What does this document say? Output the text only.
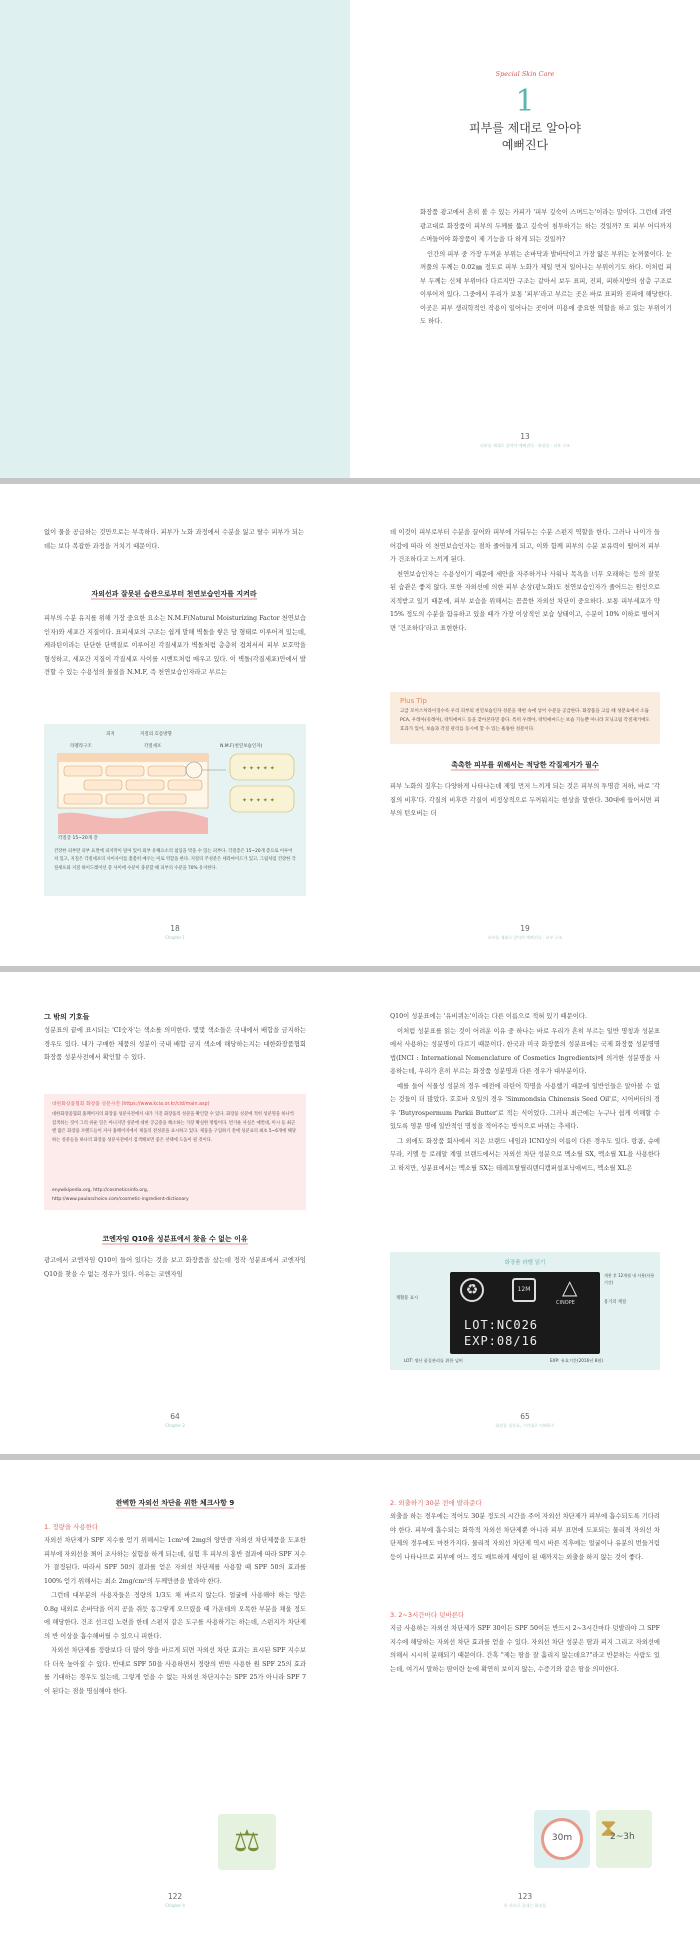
Special Skin Care
1
피부를 제대로 알아야
예뻐진다

화장품 광고에서 흔히 볼 수 있는 카피가 '피부 깊숙이 스며드는'이라는 말이다. 그런데 과연 광고대로 화장품이 피부의 두께를 뚫고 깊숙이 침투하기는 하는 것일까? 또 피부 어디까지 스며들어야 화장품이 제 기능을 다 하게 되는 것일까?

인간의 피부 중 가장 두꺼운 부위는 손바닥과 발바닥이고 가장 얇은 부위는 눈꺼풀이다. 눈꺼풀의 두께는 0.02㎜ 정도로 피부 노화가 제일 먼저 일어나는 부위이기도 하다. 이처럼 피부 두께는 신체 부위마다 다르지만 구조는 같아서 보두 표피, 진피, 피하지방의 삼층 구조로 이루어져 있다. 그중에서 우리가 보통 '피부'라고 부르는 곳은 바로 표피와 진피에 해당한다. 이곳은 피부 생리학적인 작용이 일어나는 곳이며 미용에 중요한 역할을 하고 있는 부위이기도 하다.

13
피부를 제대로 알아야 예뻐진다 · 화장품 · 피부 구조
없이 물을 공급하는 것만으로는 부족하다. 피부가 노화 과정에서 수분을 잃고 탈수 피부가 되는 데는 보다 복잡한 과정을 거치기 때문이다.
자외선과 잘못된 습관으로부터 천연보습인자를 지켜라
피부의 수분 유지를 위해 가장 중요한 요소는 N.M.F(Natural Moisturizing Factor 천연보습인자)와 세포간 지질이다. 표피세포의 구조는 쉽게 말해 벽돌을 쌓은 담 형태로 이루어져 있는데, 케라틴이라는 단단한 단백질로 이루어진 각질세포가 벽돌처럼 층층히 겹쳐서서 피부 보호막을 형성하고, 세포간 지질이 각질세포 사이를 시멘트처럼 메우고 있다. 이 벽돌(각질세포)안에서 발견할 수 있는 수용성의 물질을 N.M.F, 즉 천연보습인자라고 부르는
✦ ✦ ✦ ✦ ✦
✦ ✦ ✦ ✦ ✦
피지	지질의 흐름방향
라멜라구조	각질세포	N.M.F(천연보습인자)
각질층 15~20개 층
건강한 피부란 피부 표면에 피지막이 덮여 있어 외부 유해요소의 침입을 막을 수 있는 피부다. 각질층은 15~20개 층으로 이루어져 있고, 지질은 각질세포의 사이사이를 촘촘히 메우는 미로 역할을 한다. 지질의 주성분은 세라마이드가 있고, 그림처럼 건강한 각질세포와 지질 하이드레이션 층 사이에 수분이 충분할 때 피부의 수분을 70% 유지한다.
18
Chapter 1

데 이것이 피부로부터 수분을 끌어와 피부에 가둬두는 수분 스펀지 역할을 한다. 그러나 나이가 들어감에 따라 이 천연보습인자는 점차 줄어들게 되고, 이와 함께 피부의 수분 보유력이 떨어져 피부가 건조하다고 느끼게 된다.

천연보습인자는 수용성이기 때문에 세안을 자주하거나 사워나 목욕을 너무 오래하는 등의 잘못된 습관은 좋지 않다. 또한 자외선에 의한 피부 손상(광노화)도 천연보습인자가 줄어드는 원인으로 지적받고 있기 때문에, 피부 보습을 위해서는 꼼꼼한 자외선 차단이 중요하다. 보통 피부세포가 약 15% 정도의 수분을 함유하고 있을 때가 가장 이상적인 보습 상태이고, 수분이 10% 이하로 떨어지면 '건조하다'라고 표현한다.

Plus Tip
고급 모이스처라이징수록 우리 피부의 천연보습인자 성분을 재현 속에 넣어 수분을 공급한다. 화장품을 고를 때 성분표에서 소듐PCA, 우레아(유레아), 락틱애씨드 등을 찾아본다면 좋다. 특히 우레아, 락틱애씨드는 보습 기능뿐 아니라 모닝크림 각질제거에도 효과가 있어, 보습과 각질 관리를 동시에 할 수 있는 훌륭한 성분이다.
촉촉한 피부를 위해서는 적당한 각질제거가 필수
피부 노화의 징후는 다양하게 나타나는데 제일 먼저 느끼게 되는 것은 피부의 투명감 저하, 바로 '각질의 비후'다. 각질의 비후란 각질이 비정상적으로 두꺼워지는 현상을 말한다. 30대에 들어서면 피부의 턴오버는 더
19
피부를 제대로 알아야 예뻐진다 · 피부 구조
그 밖의 기호들
성분표의 끝에 표시되는 'CI숫자'는 색소를 의미한다. 몇몇 색소들은 국내에서 배합을 금지하는 경우도 있다. 내가 구매한 제품의 성분이 국내 배합 금지 색소에 해당하는지는 대한화장품협회 화장품 성분사전에서 확인할 수 있다.
대한화장품협회 화장품 성분사전 (https://www.kcia.or.kr/cid/main.asp)
대한화장품협회 홈페이지의 화장품 성분사전에서 내가 가진 화장품의 성분을 확인할 수 있다. 화장품 성분에 적힌 성분명을 하나씩 검색하는 것이 그리 쉬운 일은 아니지만 성분에 대한 궁금증을 해소하는 가장 확실한 방법이다. 번거운 사실은 예컨대, 미시 등 최근엔 많은 화장품 브랜드들이 자사 홈페이지에서 제품의 전성분을 표시하고 있다. 제품을 구입하기 전에 성분표의 최초 5~6개에 해당하는 성분들을 하나의 화장품 성분사전에서 검색해보면 좋은 선택에 도움이 될 것이다.
enywikipedia.org, http://cosmeticsinfo.org,
http://www.paulaschoice.com/cosmetic-ingredient-dictionary
코엔자임 Q10을 성분표에서 찾을 수 없는 이유
광고에서 코엔자임 Q10이 들어 있다는 것을 보고 화장품을 샀는데 정작 성분표에서 코엔자임 Q10을 찾을 수 없는 경우가 있다. 이유는 코엔자임
64
Chapter 2

Q10이 성분표에는 '유비퀴논'이라는 다른 이름으로 적혀 있기 때문이다.

이처럼 성분표를 읽는 것이 어려운 이유 중 하나는 바로 우리가 흔히 부르는 일반 명칭과 성분표에서 사용하는 성분명이 다르기 때문이다. 한국과 미국 화장품의 성분표에는 국제 화장품 성분명명법(INCI : International Nomenclature of Cosmetics Ingredients)에 의거한 성분명을 사용하는데, 우리가 흔히 부르는 화장품 성분명과 다른 경우가 대부분이다.

예를 들어 식물성 성분의 경우 예전에 라틴어 학명을 사용했기 때문에 일반인들은 알아볼 수 없는 것들이 더 많았다. 호호바 오일의 경우 'Simmondsia Chinensis Seed Oil'로, 시어버터의 경우 'Butyrospermum Parkii Butter'로 적는 식이었다. 그러나 최근에는 누구나 쉽게 이해할 수 있도록 영문 명에 일반적인 명칭을 적어주는 방식으로 바뀌는 추세다.

그 외에도 화장품 회사에서 지은 브랜드 네임과 ICNI상의 이름이 다른 경우도 있다. 랑콤, 슈에무라, 키엘 등 로레알 계열 브랜드에서는 자외선 차단 성분으로 멕소릴 SX, 멕소릴 XL을 사용한다고 하지만, 성분표에서는 멕소릴 SX는 테레프탈릴리덴디캠퍼설포닉애씨드, 멕소릴 XL은

화장품 라벨 읽기
♻	12M △
CINOPE
LOT:NC026
EXP:08/16
재활용 표시
개봉 후 12개월 내 사용(사용기간)
용기의 재질
LOT: 생산 품질관리를 위한 넘버	EXP: 유효기간(2016년 8월)
65
화장품 성분표, 그린대로 이해하기
완벽한 자외선 차단을 위한 체크사항 9
1. 정량을 사용한다

자외선 차단제가 SPF 지수를 얻기 위해서는 1cm²에 2mg의 양만큼 자외선 차단제품을 도포한 피부에 자외선을 쬐어 조사하는 실험을 하게 되는데, 실험 후 피부의 홍반 결과에 따라 SPF 지수가 결정된다. 따라서 SPF 50의 결과를 얻은 자외선 차단제를 사용할 때 SPF 50의 효과를 100% 얻기 위해서는 최소 2mg/cm²의 두께만큼을 발라야 한다.

그런데 대부분의 사용자들은 정량의 1/3도 채 바르지 않는다. 얼굴에 사용해야 하는 양은 0.8g 내외로 손바닥을 어지 공을 쥐듯 동그랗게 오므렸을 때 가운데의 오목한 부분을 채울 정도에 해당한다. 건조 선크림 노련을 한데 스펀지 같은 도구를 사용하기는 하는데, 스펀지가 차단제의 반 이상을 흡수해버릴 수 있으니 피한다.

자외선 차단제를 정량보다 더 많이 양을 바르게 되면 자외선 차단 효과는 표시된 SPF 지수보다 더욱 높아질 수 있다. 반대로 SPF 50을 사용하면서 정량의 반만 사용한 원 SPF 25의 효과를 기대하는 경우도 있는데, 그렇게 얻을 수 없는 자외선 차단지수는 SPF 25가 아니라 SPF 7이 된다는 점을 명심해야 한다.

⚖
122
Chapter 4
2. 외출하기 30분 전에 발라준다
외출을 하는 경우에는 적어도 30분 정도의 시간을 주어 자외선 차단제가 피부에 흡수되도록 기다려야 한다. 피부에 흡수되는 화학적 자외선 차단제뿐 아니라 피부 표면에 도포되는 물리적 자외선 차단제의 경우에도 마찬가지다. 물리적 자외선 차단제 역시 바른 직후에는 얼굴이나 유분의 번들거림 등이 나타나므로 피부에 어느 정도 매트하게 세팅이 된 때까지는 외출을 하지 않는 것이 좋다.
3. 2~3시간마다 덧바른다
지금 사용하는 자외선 차단제가 SPF 30이든 SPF 50이든 반드시 2~3시간마다 덧발라야 그 SPF 지수에 해당하는 자외선 차단 효과를 얻을 수 있다. 자외선 차단 성분은 땀과 피지 그리고 자외선에 의해서 시시히 분해되기 때문이다. 간혹 "제는 땀을 잘 흘리지 않는데요?"라고 반문하는 사람도 있는데, 여기서 말하는 땀이란 눈에 확연히 보이지 않는, 수증기와 같은 땀을 의미한다.
30m	⧗
2~3h
123
한 권으로 끝내는 화장품
